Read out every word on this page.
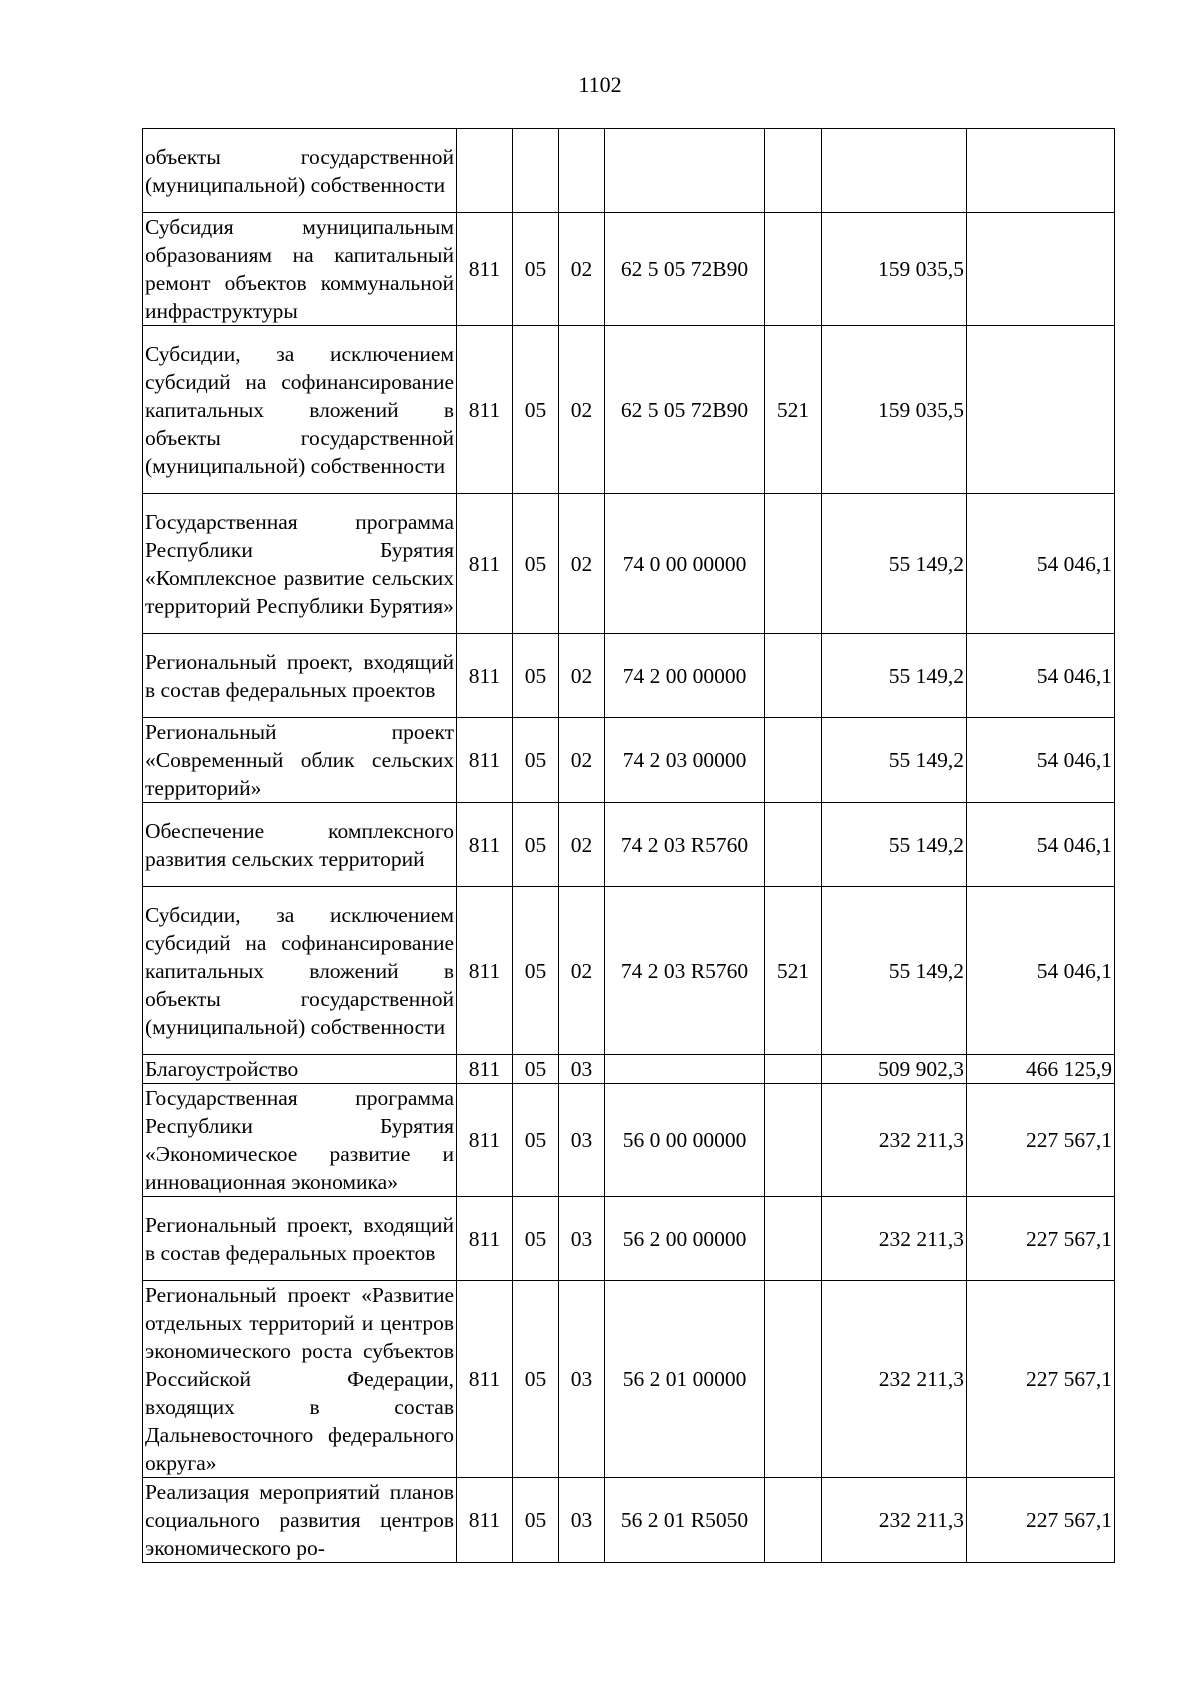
1102
объекты государственной (муниципальной) собственности							
Субсидия муниципальным образованиям на капитальный ремонт объектов коммунальной инфраструктуры	811	05	02	62 5 05 72В90		159 035,5	
Субсидии, за исключением субсидий на софинансирование капитальных вложений в объекты государственной (муниципальной) собственности	811	05	02	62 5 05 72В90	521	159 035,5	
Государственная программа Республики Бурятия «Комплексное развитие сельских территорий Республики Бурятия»	811	05	02	74 0 00 00000		55 149,2	54 046,1
Региональный проект, входящий в состав федеральных проектов	811	05	02	74 2 00 00000		55 149,2	54 046,1
Региональный проект «Современный облик сельских территорий»	811	05	02	74 2 03 00000		55 149,2	54 046,1
Обеспечение комплексного развития сельских территорий	811	05	02	74 2 03 R5760		55 149,2	54 046,1
Субсидии, за исключением субсидий на софинансирование капитальных вложений в объекты государственной (муниципальной) собственности	811	05	02	74 2 03 R5760	521	55 149,2	54 046,1
Благоустройство	811	05	03			509 902,3	466 125,9
Государственная программа Республики Бурятия «Экономическое развитие и инновационная экономика»	811	05	03	56 0 00 00000		232 211,3	227 567,1
Региональный проект, входящий в состав федеральных проектов	811	05	03	56 2 00 00000		232 211,3	227 567,1
Региональный проект «Развитие отдельных территорий и центров экономического роста субъектов Российской Федерации, входящих в состав Дальневосточного федерального округа»	811	05	03	56 2 01 00000		232 211,3	227 567,1
Реализация мероприятий планов социального развития центров экономического ро-	811	05	03	56 2 01 R5050		232 211,3	227 567,1
